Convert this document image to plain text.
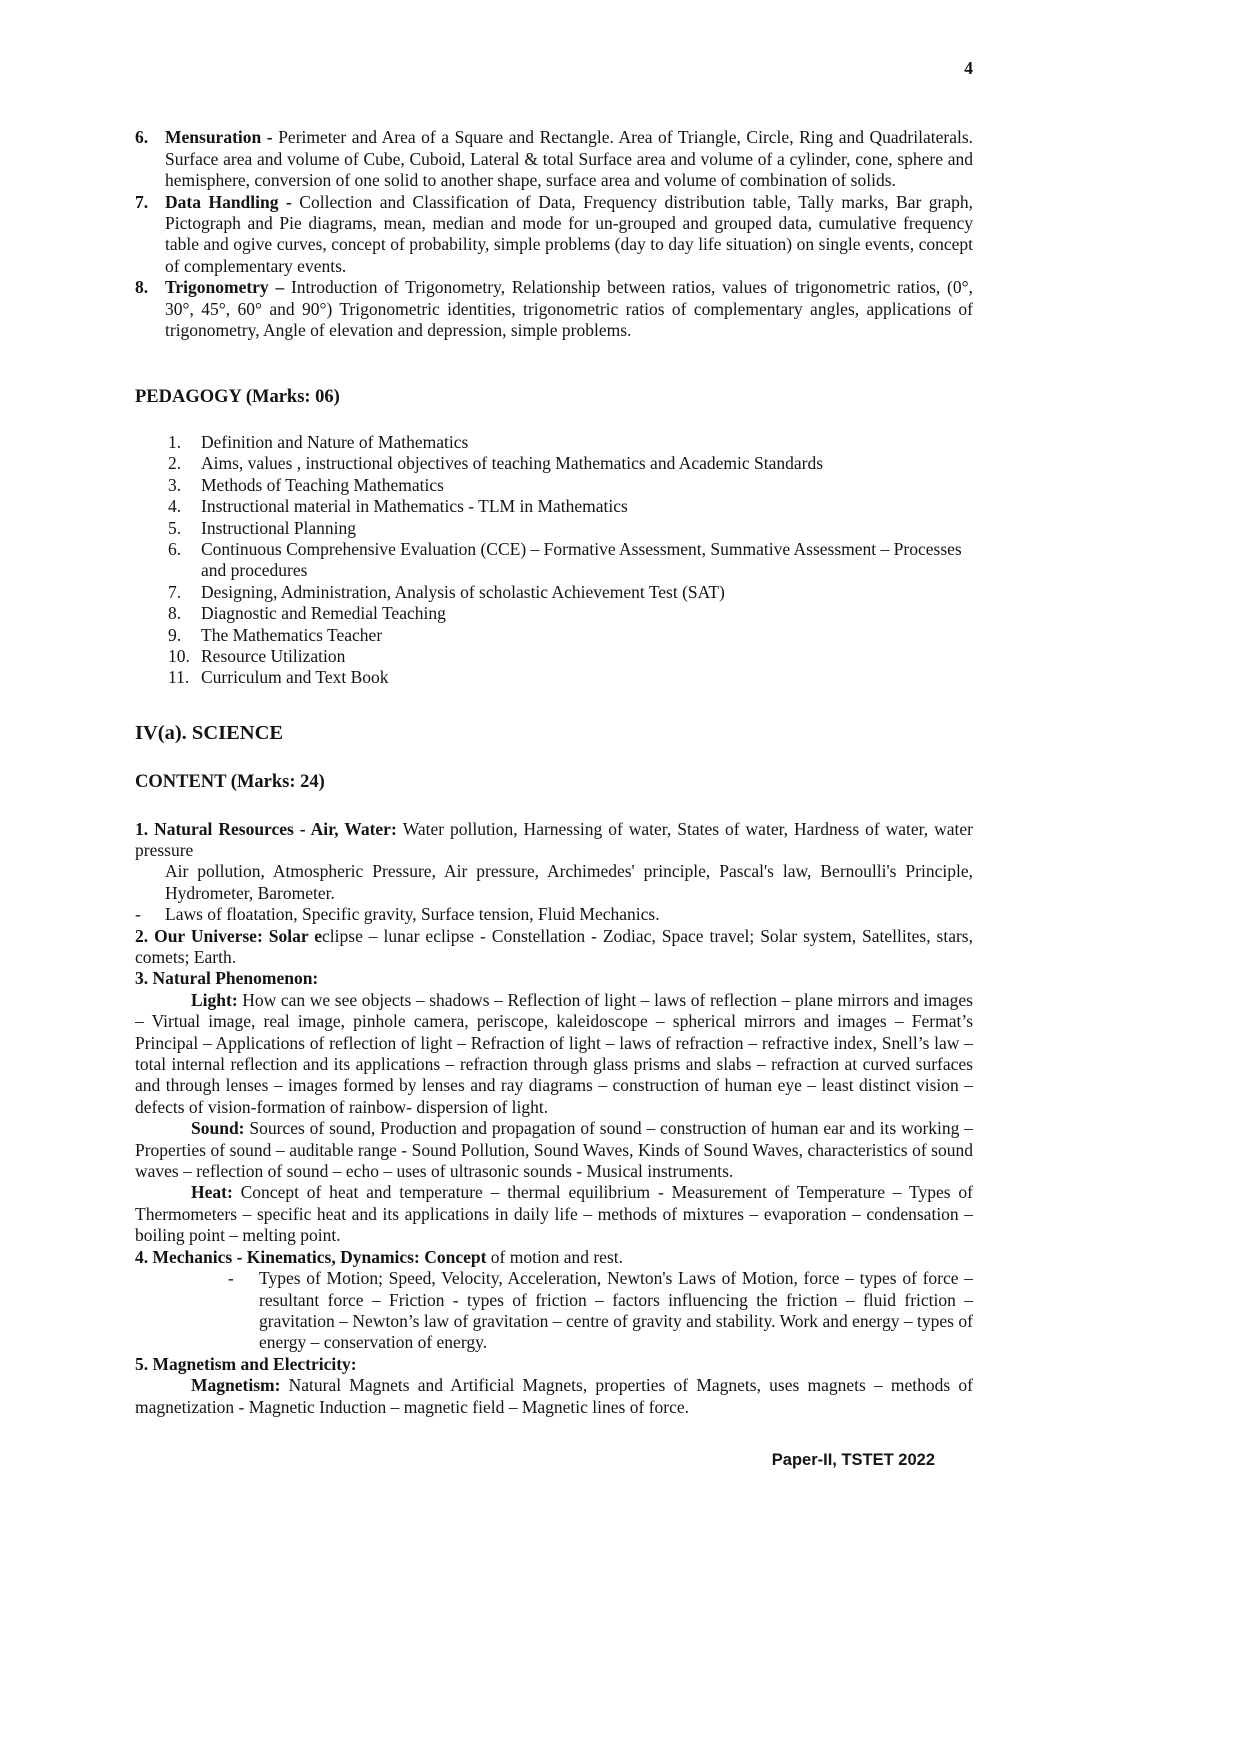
4
6. Mensuration - Perimeter and Area of a Square and Rectangle. Area of Triangle, Circle, Ring and Quadrilaterals. Surface area and volume of Cube, Cuboid, Lateral & total Surface area and volume of a cylinder, cone, sphere and hemisphere, conversion of one solid to another shape, surface area and volume of combination of solids.
7. Data Handling - Collection and Classification of Data, Frequency distribution table, Tally marks, Bar graph, Pictograph and Pie diagrams, mean, median and mode for un-grouped and grouped data, cumulative frequency table and ogive curves, concept of probability, simple problems (day to day life situation) on single events, concept of complementary events.
8. Trigonometry – Introduction of Trigonometry, Relationship between ratios, values of trigonometric ratios, (0°, 30°, 45°, 60° and 90°) Trigonometric identities, trigonometric ratios of complementary angles, applications of trigonometry, Angle of elevation and depression, simple problems.
PEDAGOGY (Marks: 06)
1.	Definition and Nature of Mathematics
2.	Aims, values , instructional objectives of teaching Mathematics and Academic Standards
3.	Methods of Teaching Mathematics
4.	Instructional material in Mathematics - TLM in Mathematics
5.	Instructional Planning
6.	Continuous Comprehensive Evaluation (CCE) – Formative Assessment, Summative Assessment – Processes and procedures
7.	Designing, Administration, Analysis of scholastic Achievement Test (SAT)
8.	Diagnostic and Remedial Teaching
9.	The Mathematics Teacher
10. Resource Utilization
11. Curriculum and Text Book
IV(a). SCIENCE
CONTENT (Marks: 24)

1. Natural Resources - Air, Water: Water pollution, Harnessing of water, States of water, Hardness of water, water pressure

Air pollution, Atmospheric Pressure, Air pressure, Archimedes' principle, Pascal's law, Bernoulli's Principle, Hydrometer, Barometer.

-	Laws of floatation, Specific gravity, Surface tension, Fluid Mechanics.

2. Our Universe: Solar eclipse – lunar eclipse - Constellation - Zodiac, Space travel; Solar system, Satellites, stars, comets; Earth.

3. Natural Phenomenon:

Light: How can we see objects – shadows – Reflection of light – laws of reflection – plane mirrors and images – Virtual image, real image, pinhole camera, periscope, kaleidoscope – spherical mirrors and images – Fermat’s Principal – Applications of reflection of light – Refraction of light – laws of refraction – refractive index, Snell’s law – total internal reflection and its applications – refraction through glass prisms and slabs – refraction at curved surfaces and through lenses – images formed by lenses and ray diagrams – construction of human eye – least distinct vision – defects of vision-formation of rainbow- dispersion of light.

Sound: Sources of sound, Production and propagation of sound – construction of human ear and its working – Properties of sound – auditable range - Sound Pollution, Sound Waves, Kinds of Sound Waves, characteristics of sound waves – reflection of sound – echo – uses of ultrasonic sounds - Musical instruments.

Heat: Concept of heat and temperature – thermal equilibrium - Measurement of Temperature – Types of Thermometers – specific heat and its applications in daily life – methods of mixtures – evaporation – condensation – boiling point – melting point.

4. Mechanics - Kinematics, Dynamics: Concept of motion and rest.

-	Types of Motion; Speed, Velocity, Acceleration, Newton's Laws of Motion, force – types of force – resultant force – Friction - types of friction – factors influencing the friction – fluid friction – gravitation – Newton’s law of gravitation – centre of gravity and stability. Work and energy – types of energy – conservation of energy.

5. Magnetism and Electricity:

Magnetism: Natural Magnets and Artificial Magnets, properties of Magnets, uses magnets – methods of magnetization - Magnetic Induction – magnetic field – Magnetic lines of force.

Paper-II, TSTET 2022
